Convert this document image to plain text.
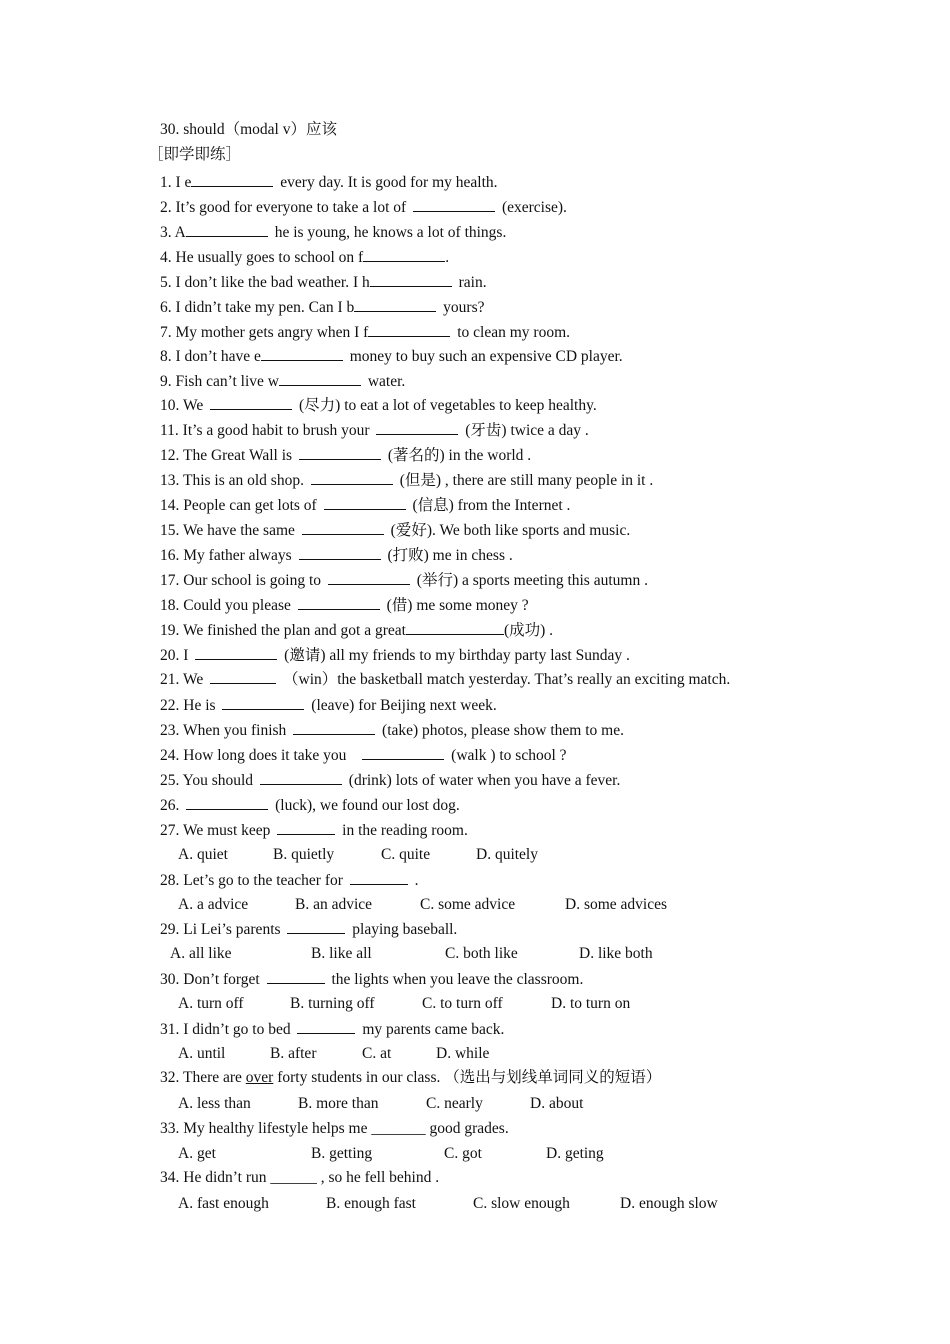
30. should（modal v）应该
［即学即练］
1. I e	every day. It is good for my health.
2. It’s good for everyone to take a lot of	(exercise).
3. A	he is young, he knows a lot of things.
4. He usually goes to school on f	.
5. I don’t like the bad weather. I h	rain.
6. I didn’t take my pen. Can I b	yours?
7. My mother gets angry when I f	to clean my room.
8. I don’t have e	money to buy such an expensive CD player.
9. Fish can’t live w	water.
10. We	(尽力) to eat a lot of vegetables to keep healthy.
11. It’s a good habit to brush your	(牙齿) twice a day .
12. The Great Wall is	(著名的) in the world .
13. This is an old shop.	(但是) , there are still many people in it .
14. People can get lots of	(信息) from the Internet .
15. We have the same	(爱好). We both like sports and music.
16. My father always	(打败) me in chess .
17. Our school is going to	(举行) a sports meeting this autumn .
18. Could you please	(借) me some money ?
19. We finished the plan and got a great	(成功) .
20. I	(邀请) all my friends to my birthday party last Sunday .
21. We	（win）the basketball match yesterday. That’s really an exciting match.
22. He is	(leave) for Beijing next week.
23. When you finish	(take) photos, please show them to me.
24. How long does it take you	(walk ) to school ?
25. You should	(drink) lots of water when you have a fever.
26.	(luck), we found our lost dog.
27. We must keep	in the reading room.
A. quiet	B. quietly	C. quite	D. quitely
28. Let’s go to the teacher for	.
A. a advice	B. an advice	C. some advice	D. some advices
29. Li Lei’s parents	playing baseball.
A. all like	B. like all	C. both like	D. like both
30. Don’t forget	the lights when you leave the classroom.
A. turn off	B. turning off	C. to turn off	D. to turn on
31. I didn’t go to bed	my parents came back.
A. until	B. after	C. at	D. while
32. There are over forty students in our class. （选出与划线单词同义的短语）
A. less than	B. more than	C. nearly	D. about
33. My healthy lifestyle helps me _______ good grades.
A. get	B. getting	C. got	D. geting
34. He didn’t run ______ , so he fell behind .
A. fast enough	B. enough fast	C. slow enough	D. enough slow
